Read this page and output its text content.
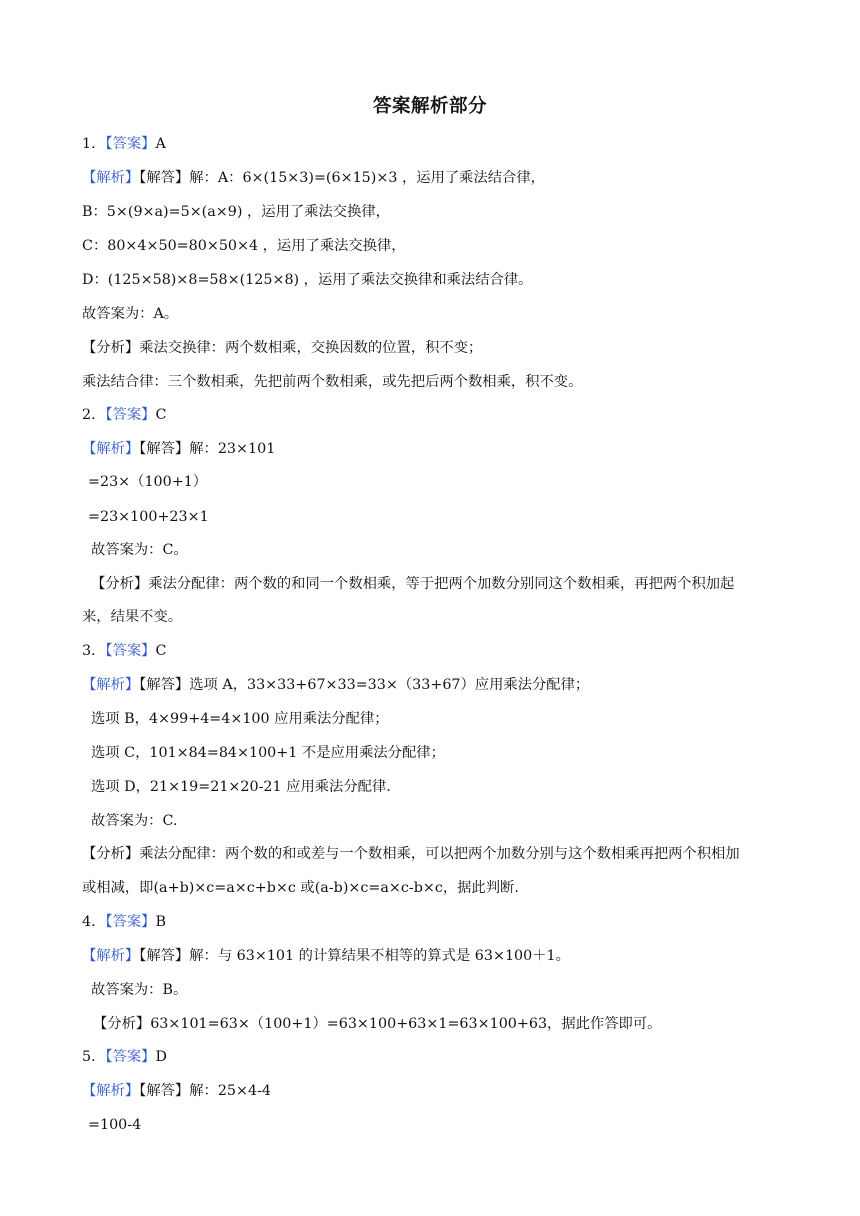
答案解析部分
1．【答案】A
【解析】【解答】解：A：6×(15×3)=(6×15)×3 ，运用了乘法结合律，
B：5×(9×a)=5×(a×9) ，运用了乘法交换律，
C：80×4×50=80×50×4 ，运用了乘法交换律，
D：(125×58)×8=58×(125×8) ，运用了乘法交换律和乘法结合律。
故答案为：A。
【分析】乘法交换律：两个数相乘，交换因数的位置，积不变；
乘法结合律：三个数相乘，先把前两个数相乘，或先把后两个数相乘，积不变。
2．【答案】C
【解析】【解答】解：23×101
=23×（100+1）
=23×100+23×1
故答案为：C。
【分析】乘法分配律：两个数的和同一个数相乘，等于把两个加数分别同这个数相乘，再把两个积加起
来，结果不变。
3．【答案】C
【解析】【解答】选项 A，33×33+67×33=33×（33+67）应用乘法分配律；
选项 B，4×99+4=4×100 应用乘法分配律；
选项 C，101×84=84×100+1 不是应用乘法分配律；
选项 D，21×19=21×20-21 应用乘法分配律.
故答案为：C.
【分析】乘法分配律：两个数的和或差与一个数相乘，可以把两个加数分别与这个数相乘再把两个积相加
或相减，即(a+b)×c=a×c+b×c 或(a-b)×c=a×c-b×c，据此判断.
4．【答案】B
【解析】【解答】解：与 63×101 的计算结果不相等的算式是 63×100＋1。
故答案为：B。
【分析】63×101=63×（100+1）=63×100+63×1=63×100+63，据此作答即可。
5．【答案】D
【解析】【解答】解：25×4-4
=100-4
